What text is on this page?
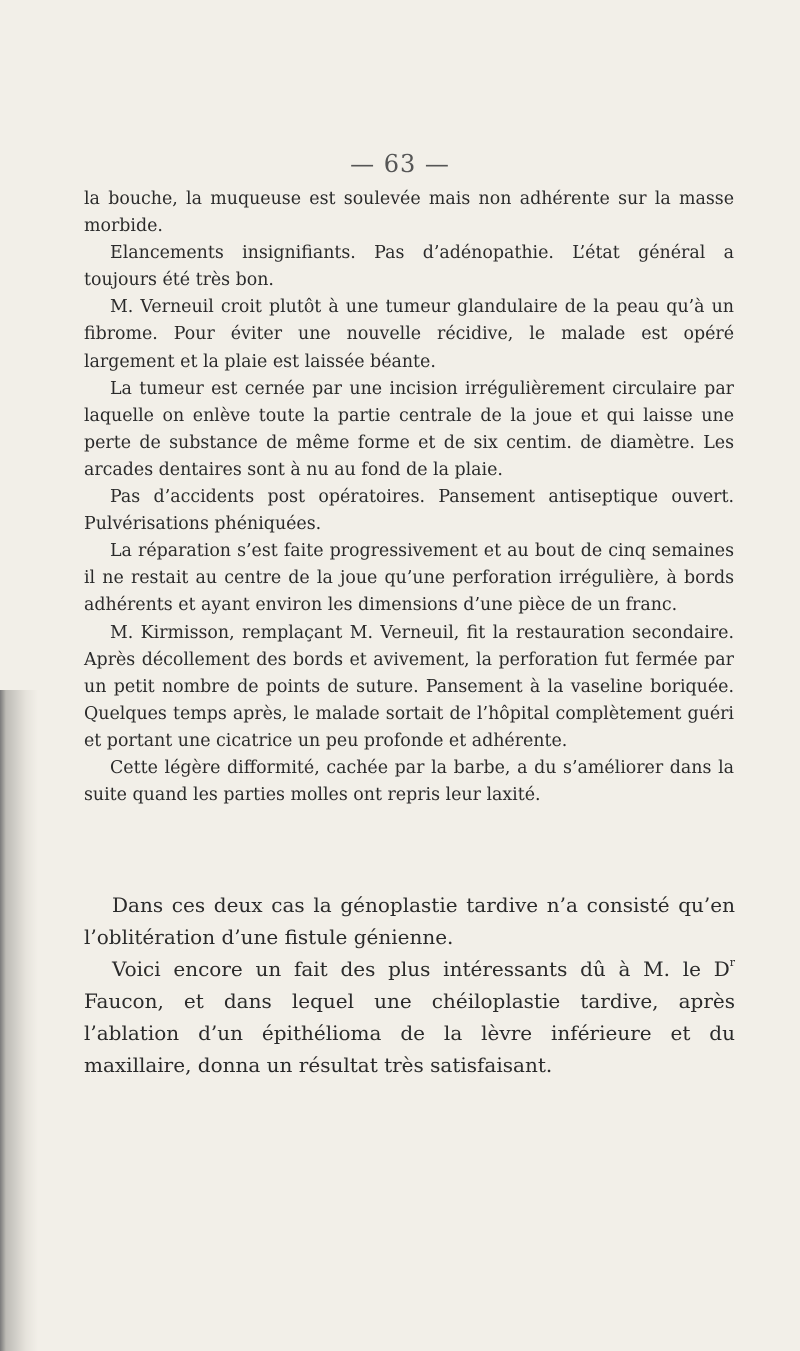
— 63 —

la bouche, la muqueuse est soulevée mais non adhérente sur la masse morbide.

Elancements insignifiants. Pas d’adénopathie. L’état général a toujours été très bon.

M. Verneuil croit plutôt à une tumeur glandulaire de la peau qu’à un fibrome. Pour éviter une nouvelle récidive, le malade est opéré largement et la plaie est laissée béante.

La tumeur est cernée par une incision irrégulièrement circulaire par laquelle on enlève toute la partie centrale de la joue et qui laisse une perte de substance de même forme et de six centim. de diamètre. Les arcades dentaires sont à nu au fond de la plaie.

Pas d’accidents post opératoires. Pansement antiseptique ouvert. Pulvérisations phéniquées.

La réparation s’est faite progressivement et au bout de cinq semaines il ne restait au centre de la joue qu’une perforation irrégulière, à bords adhérents et ayant environ les dimensions d’une pièce de un franc.

M. Kirmisson, remplaçant M. Verneuil, fit la restauration secondaire. Après décollement des bords et avivement, la perforation fut fermée par un petit nombre de points de suture. Pansement à la vaseline boriquée. Quelques temps après, le malade sortait de l’hôpital complètement guéri et portant une cicatrice un peu profonde et adhérente.

Cette légère difformité, cachée par la barbe, a du s’améliorer dans la suite quand les parties molles ont repris leur laxité.

Dans ces deux cas la génoplastie tardive n’a consisté qu’en l’oblitération d’une fistule génienne.

Voici encore un fait des plus intéressants dû à M. le $D^r$ Faucon, et dans lequel une chéiloplastie tardive, après l’ablation d’un épithélioma de la lèvre inférieure et du maxillaire, donna un résultat très satisfaisant.
